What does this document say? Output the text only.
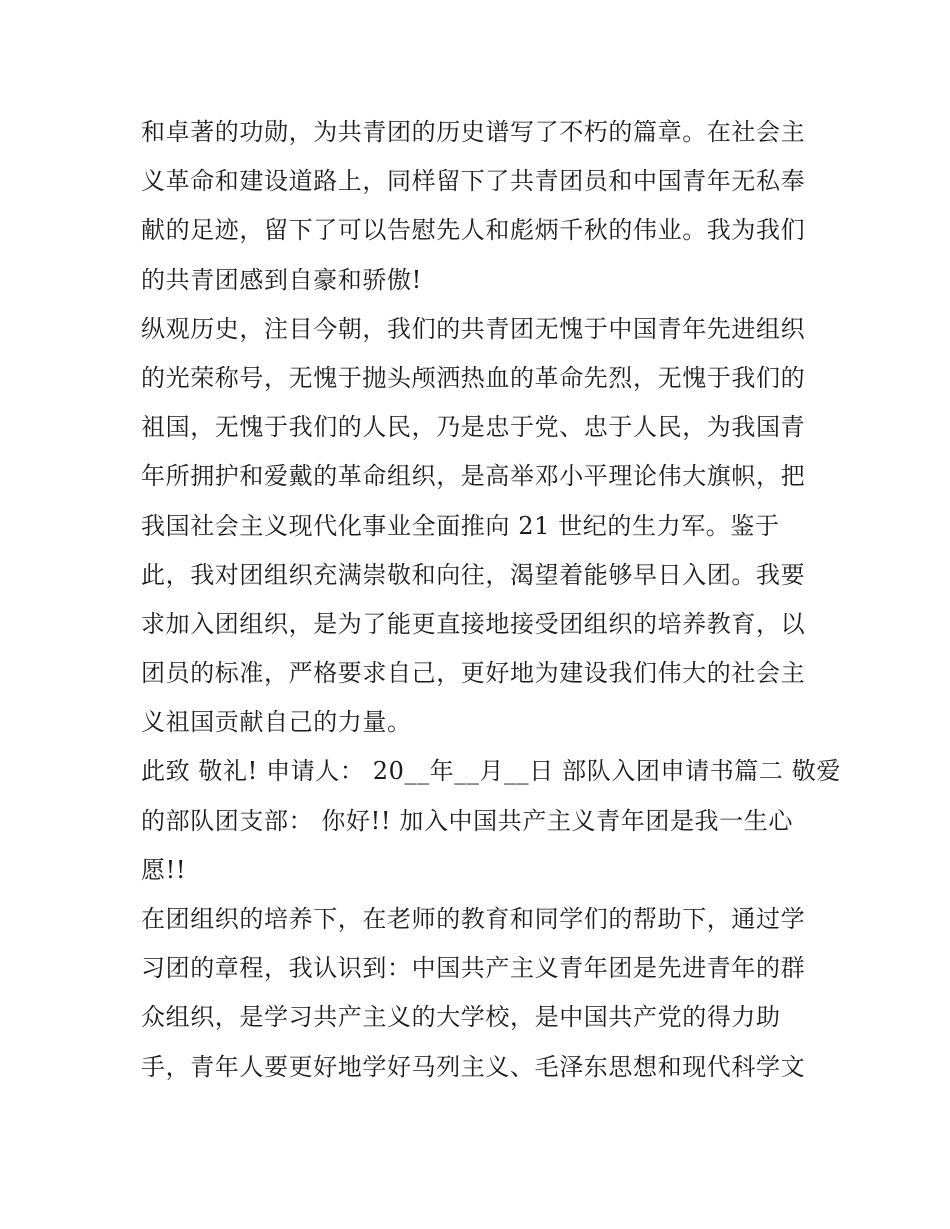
和卓著的功勋，为共青团的历史谱写了不朽的篇章。在社会主
义革命和建设道路上，同样留下了共青团员和中国青年无私奉
献的足迹，留下了可以告慰先人和彪炳千秋的伟业。我为我们
的共青团感到自豪和骄傲!
纵观历史，注目今朝，我们的共青团无愧于中国青年先进组织
的光荣称号，无愧于抛头颅洒热血的革命先烈，无愧于我们的
祖国，无愧于我们的人民，乃是忠于党、忠于人民，为我国青
年所拥护和爱戴的革命组织，是高举邓小平理论伟大旗帜，把
我国社会主义现代化事业全面推向 21 世纪的生力军。鉴于
此，我对团组织充满崇敬和向往，渴望着能够早日入团。我要
求加入团组织，是为了能更直接地接受团组织的培养教育，以
团员的标准，严格要求自己，更好地为建设我们伟大的社会主
义祖国贡献自己的力量。
此致 敬礼! 申请人： 20__年__月__日 部队入团申请书篇二 敬爱
的部队团支部： 你好!! 加入中国共产主义青年团是我一生心
愿!!
在团组织的培养下，在老师的教育和同学们的帮助下，通过学
习团的章程，我认识到：中国共产主义青年团是先进青年的群
众组织，是学习共产主义的大学校，是中国共产党的得力助
手，青年人要更好地学好马列主义、毛泽东思想和现代科学文
